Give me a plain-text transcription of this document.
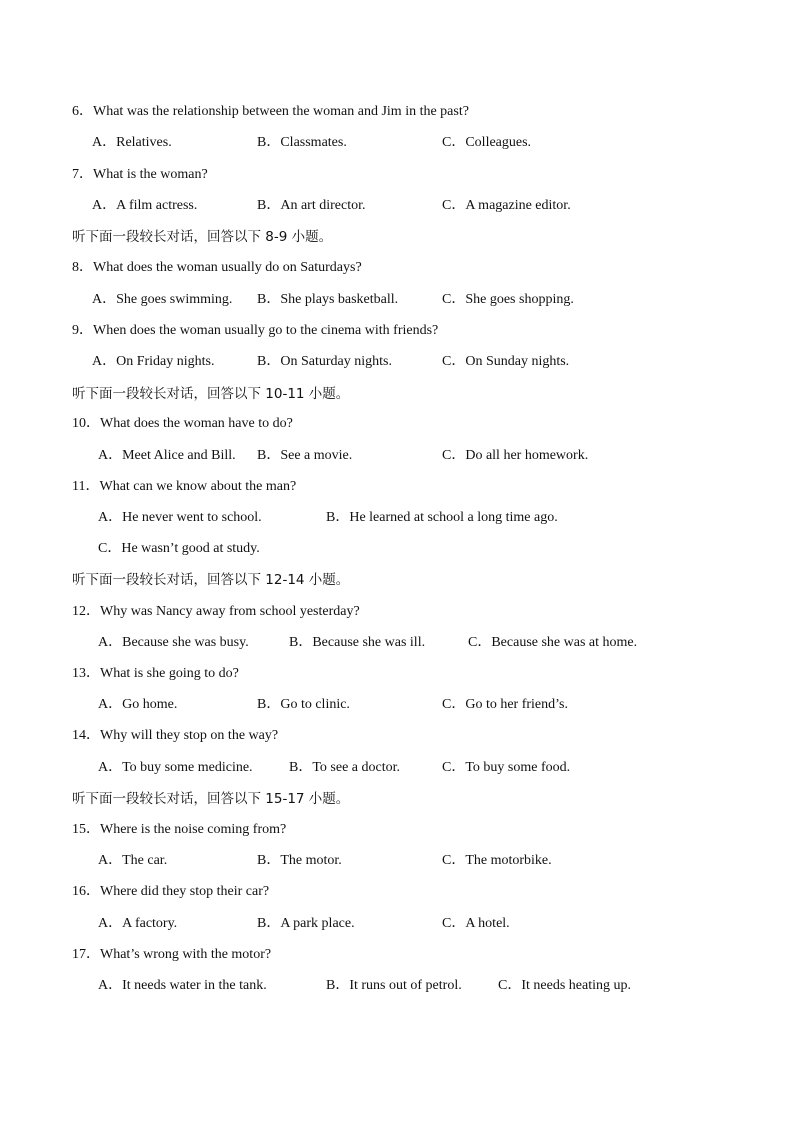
6．What was the relationship between the woman and Jim in the past?
A．Relatives.	B．Classmates.	C．Colleagues.
7．What is the woman?
A．A film actress.	B．An art director.	C．A magazine editor.
听下面一段较长对话，回答以下 8-9 小题。
8．What does the woman usually do on Saturdays?
A．She goes swimming. B．She plays basketball.	C．She goes shopping.
9．When does the woman usually go to the cinema with friends?
A．On Friday nights.	B．On Saturday nights.	C．On Sunday nights.
听下面一段较长对话，回答以下 10-11 小题。
10．What does the woman have to do?
A．Meet Alice and Bill. B．See a movie.	C．Do all her homework.
11．What can we know about the man?
A．He never went to school.	B．He learned at school a long time ago.
C．He wasn’t good at study.
听下面一段较长对话，回答以下 12-14 小题。
12．Why was Nancy away from school yesterday?
A．Because she was busy.	B．Because she was ill.	C．Because she was at home.
13．What is she going to do?
A．Go home.	B．Go to clinic.	C．Go to her friend’s.
14．Why will they stop on the way?
A．To buy some medicine.	B．To see a doctor.	C．To buy some food.
听下面一段较长对话，回答以下 15-17 小题。
15．Where is the noise coming from?
A．The car.	B．The motor.	C．The motorbike.
16．Where did they stop their car?
A．A factory.	B．A park place.	C．A hotel.
17．What’s wrong with the motor?
A．It needs water in the tank.	B．It runs out of petrol.	C．It needs heating up.
